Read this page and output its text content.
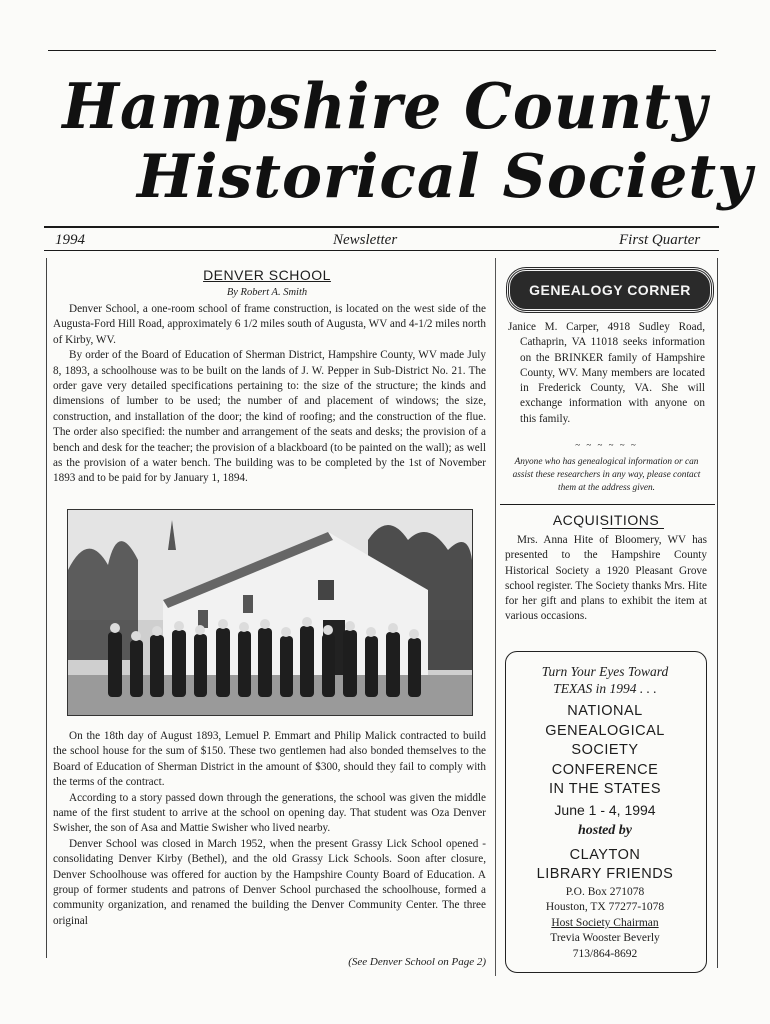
Hampshire County
Historical Society
1994	Newsletter	First Quarter
DENVER SCHOOL
By Robert A. Smith

Denver School, a one-room school of frame construction, is located on the west side of the Augusta-Ford Hill Road, approximately 6 1/2 miles south of Augusta, WV and 4-1/2 miles north of Kirby, WV.

By order of the Board of Education of Sherman District, Hampshire County, WV made July 8, 1893, a schoolhouse was to be built on the lands of J. W. Pepper in Sub-District No. 21. The order gave very detailed specifications pertaining to: the size of the structure; the kinds and dimensions of lumber to be used; the number of and placement of windows; the size, construction, and installation of the door; the kind of roofing; and the construction of the flue. The order also specified: the number and arrangement of the seats and desks; the provision of a bench and desk for the teacher; the provision of a blackboard (to be painted on the wall); as well as the provision of a water bench. The building was to be completed by the 1st of November 1893 and to be paid for by January 1, 1894.

On the 18th day of August 1893, Lemuel P. Emmart and Philip Malick contracted to build the school house for the sum of $150. These two gentlemen had also bonded themselves to the Board of Education of Sherman District in the amount of $300, should they fail to comply with the terms of the contract.

According to a story passed down through the generations, the school was given the middle name of the first student to arrive at the school on opening day. That student was Oza Denver Swisher, the son of Asa and Mattie Swisher who lived nearby.

Denver School was closed in March 1952, when the present Grassy Lick School opened - consolidating Denver Kirby (Bethel), and the old Grassy Lick Schools. Soon after closure, Denver Schoolhouse was offered for auction by the Hampshire County Board of Education. A group of former students and patrons of Denver School purchased the schoolhouse, formed a community organization, and renamed the building the Denver Community Center. The three original

(See Denver School on Page 2)
GENEALOGY CORNER

Janice M. Carper, 4918 Sudley Road, Cathaprin, VA 11018 seeks information on the BRINKER family of Hampshire County, WV. Many members are located in Frederick County, VA. She will exchange information with anyone on this family.

~ ~ ~ ~ ~ ~
Anyone who has genealogical information or can assist these researchers in any way, please contact them at the address given.
ACQUISITIONS

Mrs. Anna Hite of Bloomery, WV has presented to the Hampshire County Historical Society a 1920 Pleasant Grove school register. The Society thanks Mrs. Hite for her gift and plans to exhibit the item at various occasions.

Turn Your Eyes Toward
TEXAS in 1994 . . .
NATIONAL
GENEALOGICAL
SOCIETY
CONFERENCE
IN THE STATES
June 1 - 4, 1994
hosted by
CLAYTON
LIBRARY FRIENDS
P.O. Box 271078
Houston, TX 77277-1078
Host Society Chairman
Trevia Wooster Beverly
713/864-8692
